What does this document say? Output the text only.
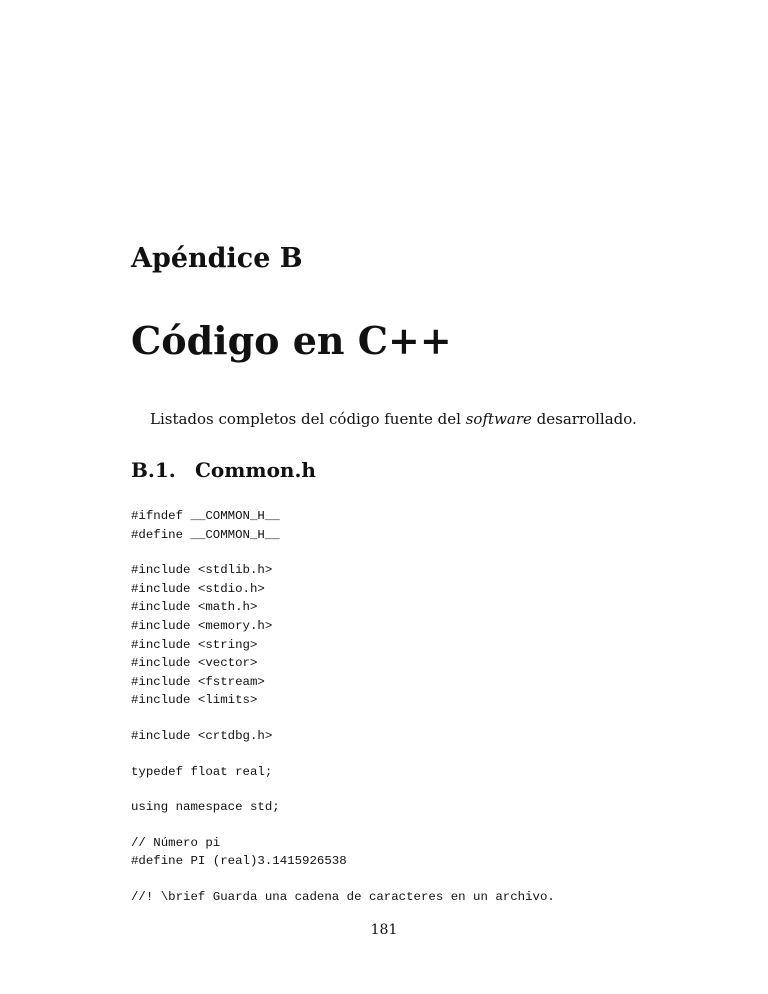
Apéndice B
Código en C++

Listados completos del código fuente del software desarrollado.

B.1. Common.h
#ifndef __COMMON_H__
#define __COMMON_H__
#include <stdlib.h>
#include <stdio.h>
#include <math.h>
#include <memory.h>
#include <string>
#include <vector>
#include <fstream>
#include <limits>
#include <crtdbg.h>
typedef float real;
using namespace std;
// Número pi
#define PI (real)3.1415926538
//! \brief Guarda una cadena de caracteres en un archivo.

181
